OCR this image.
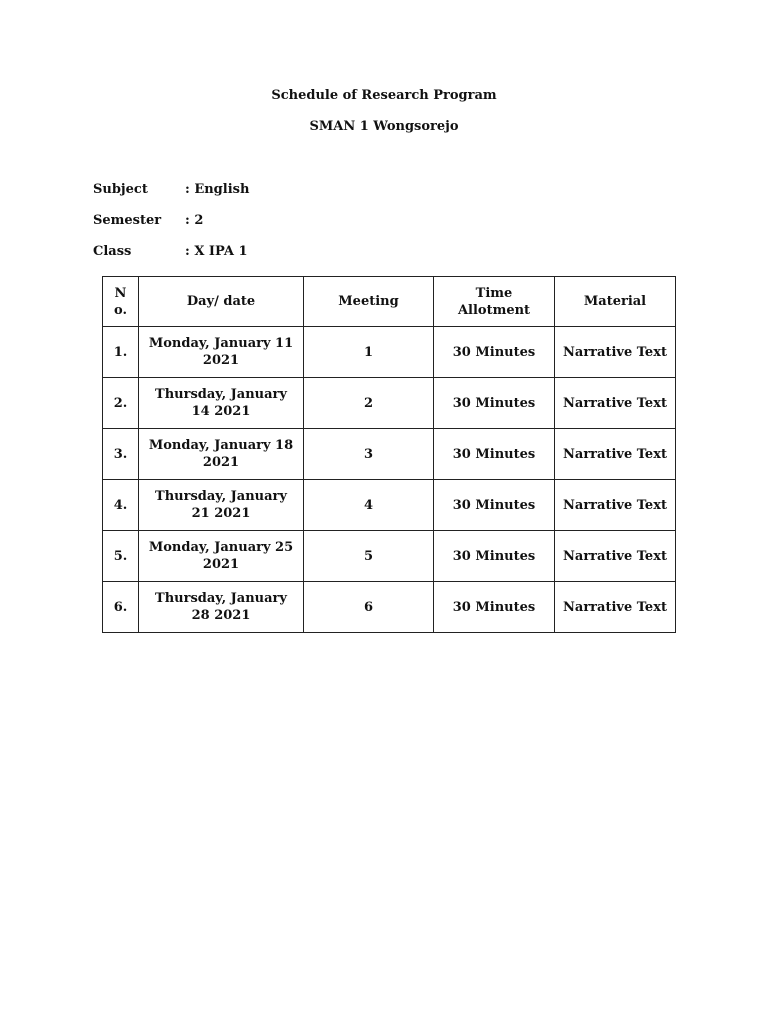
Schedule of Research Program
SMAN 1 Wongsorejo
Subject	: English
Semester : 2
Class	: X IPA 1
No.	Day/ date	Meeting	Time Allotment	Material
1.	Monday, January 11 2021	1	30 Minutes	Narrative Text
2.	Thursday, January 14 2021	2	30 Minutes	Narrative Text
3.	Monday, January 18 2021	3	30 Minutes	Narrative Text
4.	Thursday, January 21 2021	4	30 Minutes	Narrative Text
5.	Monday, January 25 2021	5	30 Minutes	Narrative Text
6.	Thursday, January 28 2021	6	30 Minutes	Narrative Text
